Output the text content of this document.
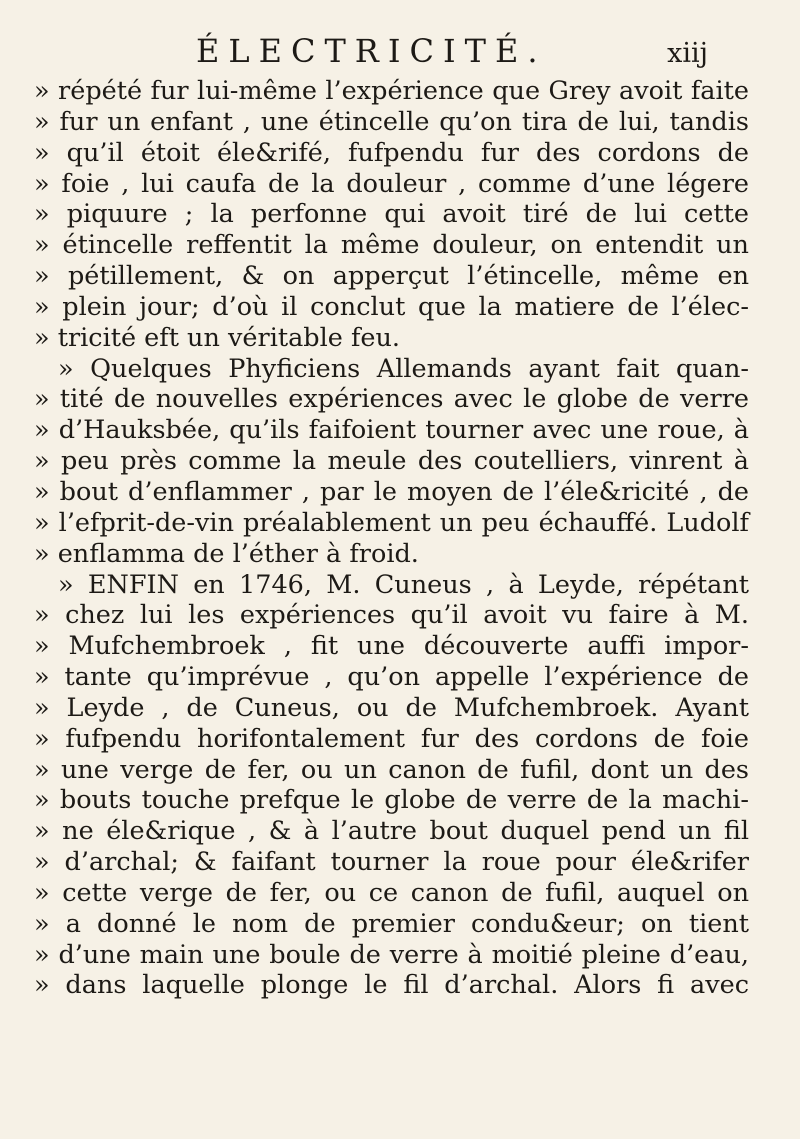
ÉLECTRICITÉ.	xiij
» répété fur lui-même l’expérience que Grey avoit faite
» fur un enfant , une étincelle qu’on tira de lui, tandis
» qu’il étoit éle&rifé, fufpendu fur des cordons de
» foie , lui caufa de la douleur , comme d’une légere
» piquure ; la perfonne qui avoit tiré de lui cette
» étincelle reffentit la même douleur, on entendit un
» pétillement, & on apperçut l’étincelle, même en
» plein jour; d’où il conclut que la matiere de l’élec-
» tricité eft un véritable feu.
» Quelques Phyficiens Allemands ayant fait quan-
» tité de nouvelles expériences avec le globe de verre
» d’Hauksbée, qu’ils faifoient tourner avec une roue, à
» peu près comme la meule des coutelliers, vinrent à
» bout d’enflammer , par le moyen de l’éle&ricité , de
» l’efprit-de-vin préalablement un peu échauffé. Ludolf
» enflamma de l’éther à froid.
» ENFIN en 1746, M. Cuneus , à Leyde, répétant
» chez lui les expériences qu’il avoit vu faire à M.
» Mufchembroek , fit une découverte auffi impor-
» tante qu’imprévue , qu’on appelle l’expérience de
» Leyde , de Cuneus, ou de Mufchembroek. Ayant
» fufpendu horifontalement fur des cordons de foie
» une verge de fer, ou un canon de fufil, dont un des
» bouts touche prefque le globe de verre de la machi-
» ne éle&rique , & à l’autre bout duquel pend un fil
» d’archal; & faifant tourner la roue pour éle&rifer
» cette verge de fer, ou ce canon de fufil, auquel on
» a donné le nom de premier condu&eur; on tient
» d’une main une boule de verre à moitié pleine d’eau,
» dans laquelle plonge le fil d’archal. Alors fi avec
